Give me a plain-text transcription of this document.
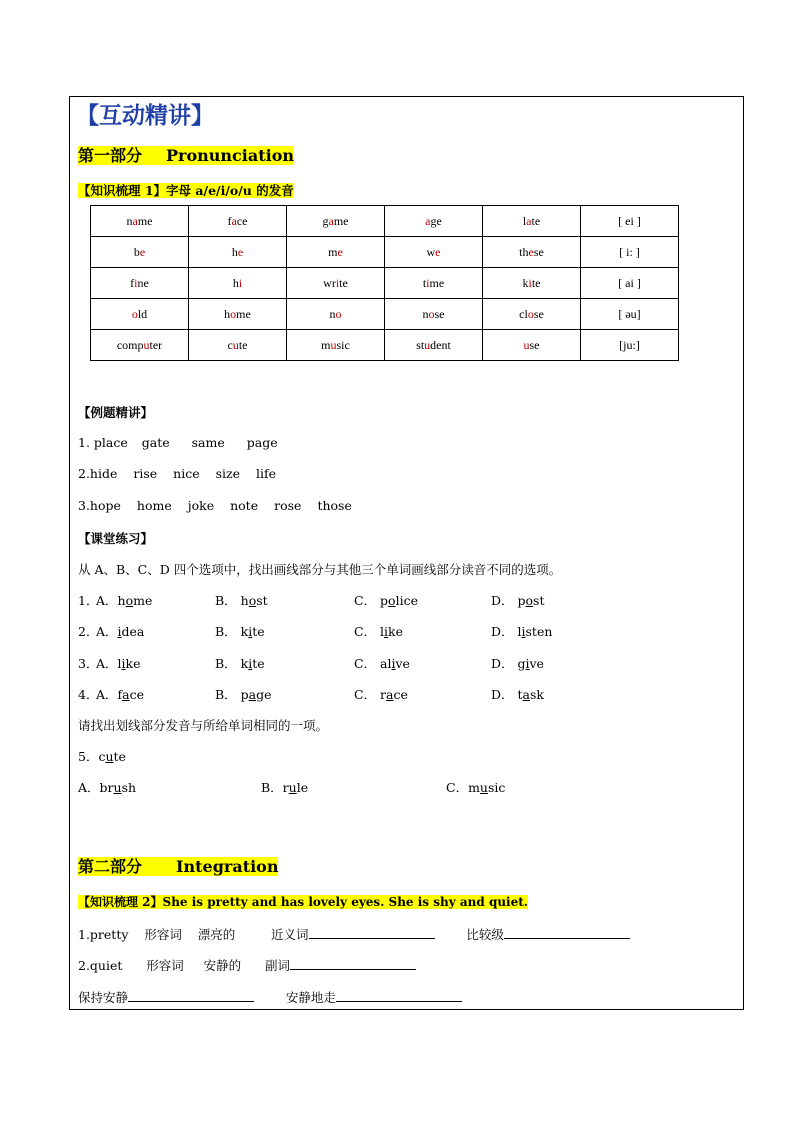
【互动精讲】
第一部分 Pronunciation
【知识梳理 1】字母 a/e/i/o/u 的发音
name	face	game	age	late	[ ei ]
be	he	me	we	these	[ i: ]
fine	hi	write	time	kite	[ ai ]
old	home	no	nose	close	[ əu]
computer	cute	music	student	use	[ju:]
【例题精讲】
1. place gate same page
2.hide rise nice size life
3.hope home joke note rose those
【课堂练习】
从 A、B、C、D 四个选项中，找出画线部分与其他三个单词画线部分读音不同的选项。
1．
A．home	B． host	C． police	D． post
2．
A．idea	B． kite	C． like	D． listen
3．
A．like	B． kite	C． alive	D． give
4．
A．face	B． page	C． race	D． task
请找出划线部分发音与所给单词相同的一项。
5．cute
A．brush	B．rule	C．music
第二部分 Integration
【知识梳理 2】She is pretty and has lovely eyes. She is shy and quiet.
1.pretty 形容词 漂亮的	近义词	比较级
2.quiet 形容词 安静的 副词
保持安静	安静地走
